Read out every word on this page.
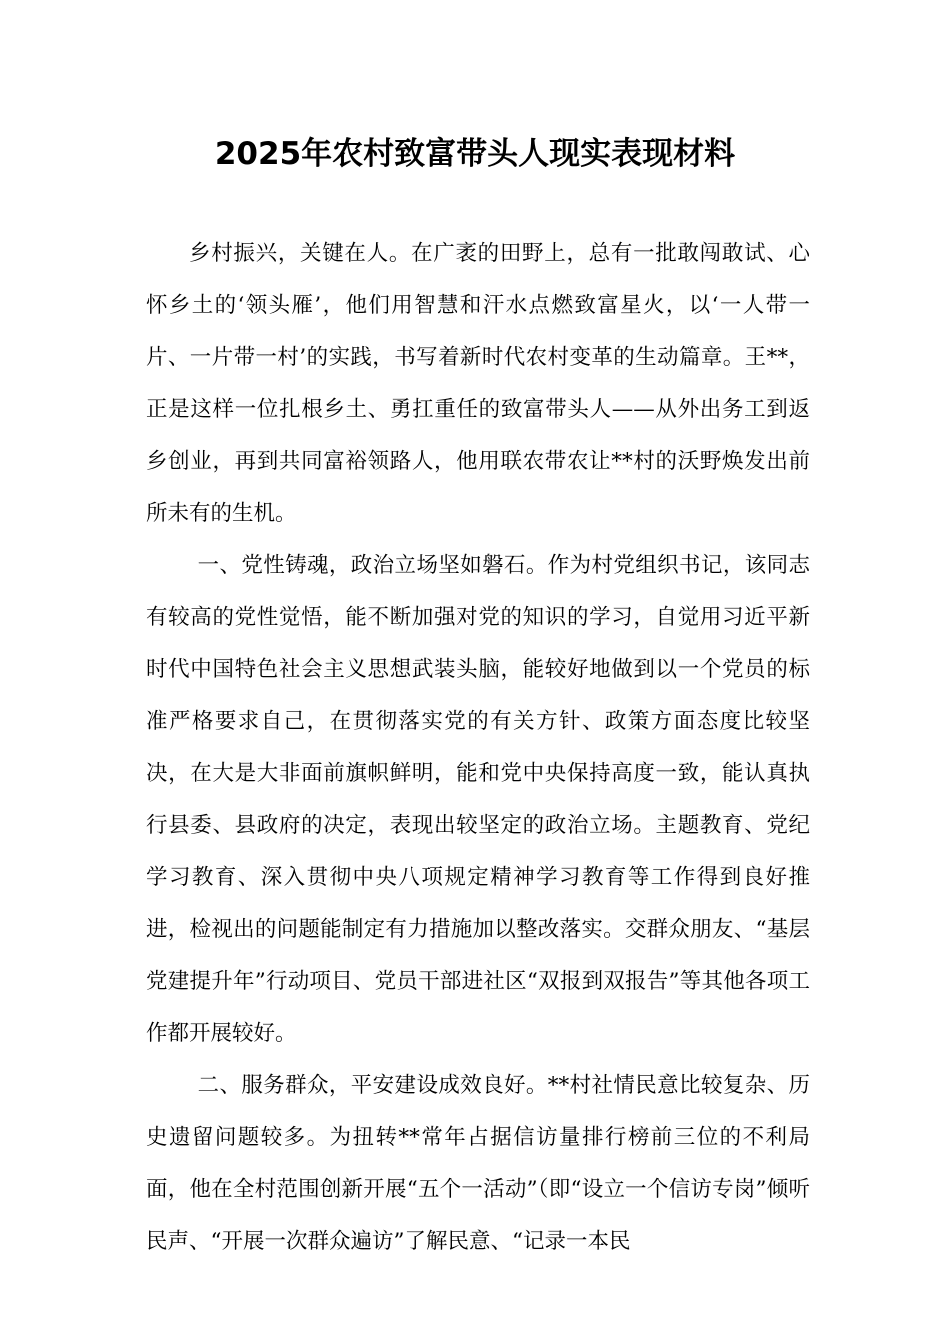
2025年农村致富带头人现实表现材料

乡村振兴，关键在人。在广袤的田野上，总有一批敢闯敢试、心怀乡土的‘领头雁’，他们用智慧和汗水点燃致富星火，以‘一人带一片、一片带一村’的实践，书写着新时代农村变革的生动篇章。王**，正是这样一位扎根乡土、勇扛重任的致富带头人——从外出务工到返乡创业，再到共同富裕领路人，他用联农带农让**村的沃野焕发出前所未有的生机。

一、党性铸魂，政治立场坚如磐石。作为村党组织书记，该同志有较高的党性觉悟，能不断加强对党的知识的学习，自觉用习近平新时代中国特色社会主义思想武装头脑，能较好地做到以一个党员的标准严格要求自己，在贯彻落实党的有关方针、政策方面态度比较坚决，在大是大非面前旗帜鲜明，能和党中央保持高度一致，能认真执行县委、县政府的决定，表现出较坚定的政治立场。主题教育、党纪学习教育、深入贯彻中央八项规定精神学习教育等工作得到良好推进，检视出的问题能制定有力措施加以整改落实。交群众朋友、“基层党建提升年”行动项目、党员干部进社区“双报到双报告”等其他各项工作都开展较好。

二、服务群众，平安建设成效良好。**村社情民意比较复杂、历史遗留问题较多。为扭转**常年占据信访量排行榜前三位的不利局面，他在全村范围创新开展“五个一活动”（即“设立一个信访专岗”倾听民声、“开展一次群众遍访”了解民意、“记录一本民
